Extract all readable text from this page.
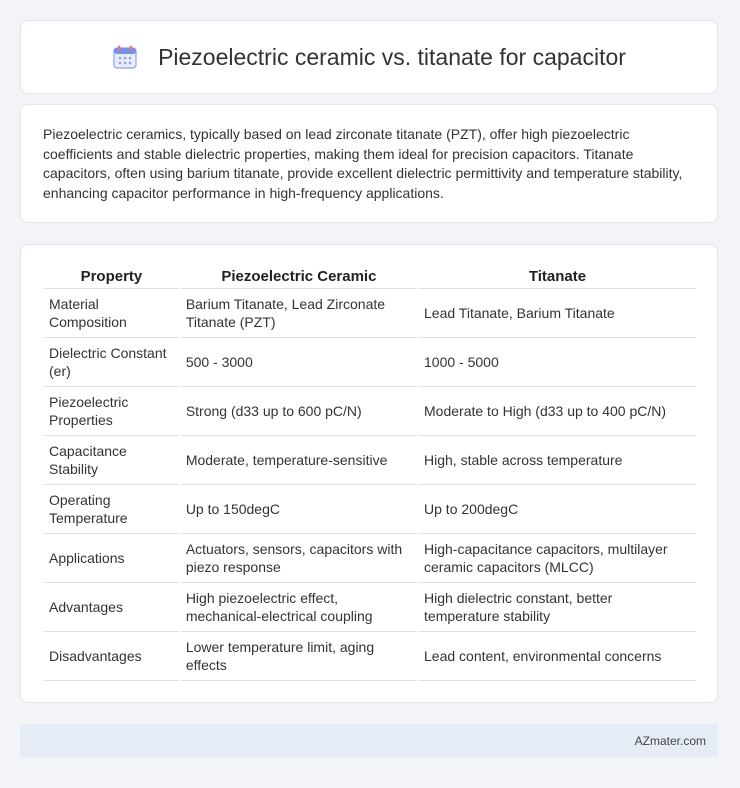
Piezoelectric ceramic vs. titanate for capacitor

Piezoelectric ceramics, typically based on lead zirconate titanate (PZT), offer high piezoelectric coefficients and stable dielectric properties, making them ideal for precision capacitors. Titanate capacitors, often using barium titanate, provide excellent dielectric permittivity and temperature stability, enhancing capacitor performance in high-frequency applications.

Property	Piezoelectric Ceramic	Titanate
Material Composition	Barium Titanate, Lead Zirconate Titanate (PZT)	Lead Titanate, Barium Titanate
Dielectric Constant (er)	500 - 3000	1000 - 5000
Piezoelectric Properties	Strong (d33 up to 600 pC/N)	Moderate to High (d33 up to 400 pC/N)
Capacitance Stability	Moderate, temperature-sensitive	High, stable across temperature
Operating Temperature	Up to 150degC	Up to 200degC
Applications	Actuators, sensors, capacitors with piezo response	High-capacitance capacitors, multilayer ceramic capacitors (MLCC)
Advantages	High piezoelectric effect, mechanical-electrical coupling	High dielectric constant, better temperature stability
Disadvantages	Lower temperature limit, aging effects	Lead content, environmental concerns
AZmater.com
